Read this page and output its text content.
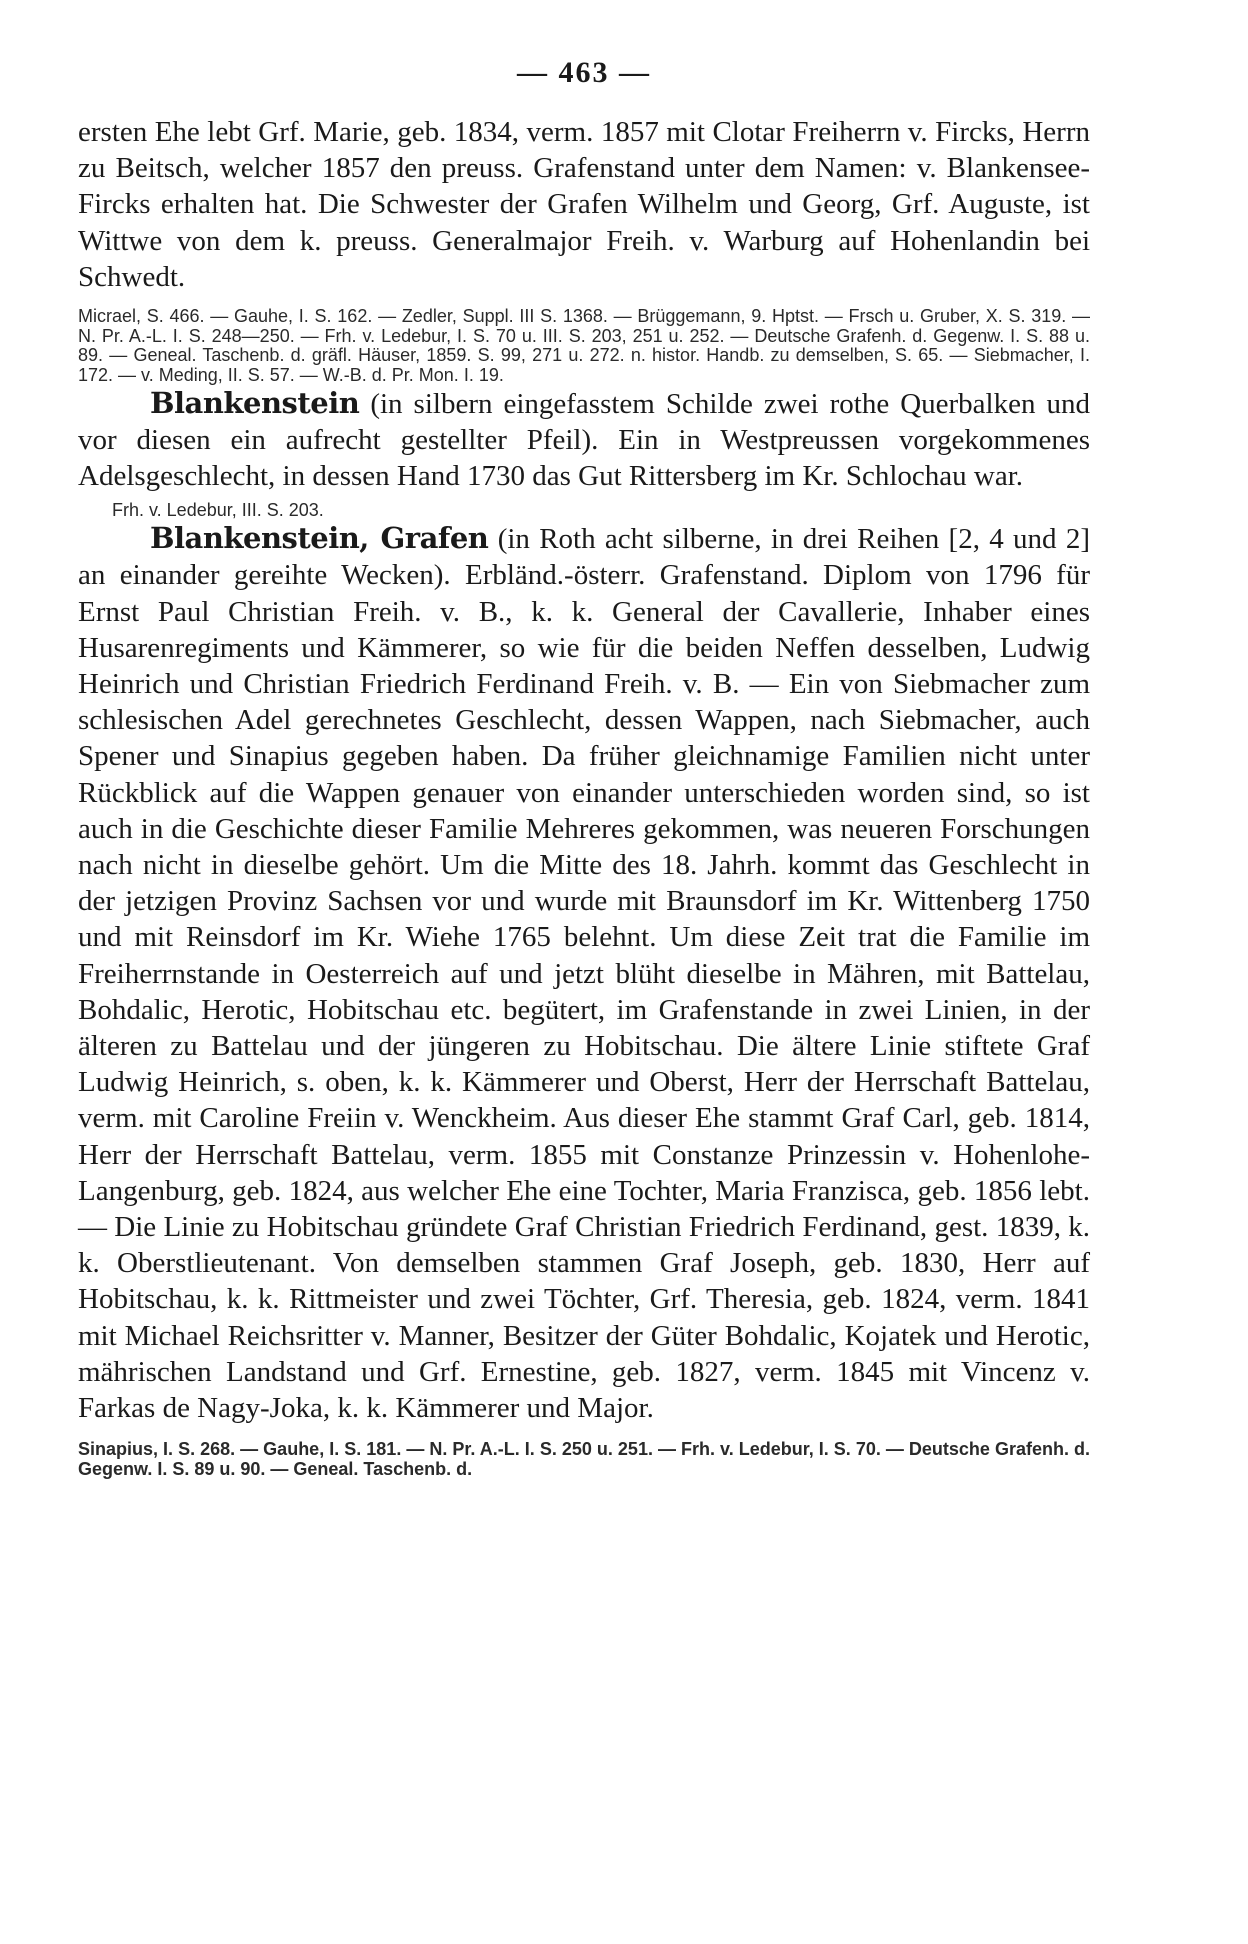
— 463 —

ersten Ehe lebt Grf. Marie, geb. 1834, verm. 1857 mit Clotar Freiherrn v. Fircks, Herrn zu Beitsch, welcher 1857 den preuss. Grafenstand unter dem Namen: v. Blankensee-Fircks erhalten hat. Die Schwester der Grafen Wilhelm und Georg, Grf. Auguste, ist Wittwe von dem k. preuss. Generalmajor Freih. v. Warburg auf Hohenlandin bei Schwedt.

Micrael, S. 466. — Gauhe, I. S. 162. — Zedler, Suppl. III S. 1368. — Brüggemann, 9. Hptst. — Frsch u. Gruber, X. S. 319. — N. Pr. A.-L. I. S. 248—250. — Frh. v. Ledebur, I. S. 70 u. III. S. 203, 251 u. 252. — Deutsche Grafenh. d. Gegenw. I. S. 88 u. 89. — Geneal. Taschenb. d. gräfl. Häuser, 1859. S. 99, 271 u. 272. n. histor. Handb. zu demselben, S. 65. — Siebmacher, I. 172. — v. Meding, II. S. 57. — W.-B. d. Pr. Mon. I. 19.

Blankenstein (in silbern eingefasstem Schilde zwei rothe Querbalken und vor diesen ein aufrecht gestellter Pfeil). Ein in Westpreussen vorgekommenes Adelsgeschlecht, in dessen Hand 1730 das Gut Rittersberg im Kr. Schlochau war.

Frh. v. Ledebur, III. S. 203.

Blankenstein, Grafen (in Roth acht silberne, in drei Reihen [2, 4 und 2] an einander gereihte Wecken). Erbländ.-österr. Grafenstand. Diplom von 1796 für Ernst Paul Christian Freih. v. B., k. k. General der Cavallerie, Inhaber eines Husarenregiments und Kämmerer, so wie für die beiden Neffen desselben, Ludwig Heinrich und Christian Friedrich Ferdinand Freih. v. B. — Ein von Siebmacher zum schlesischen Adel gerechnetes Geschlecht, dessen Wappen, nach Siebmacher, auch Spener und Sinapius gegeben haben. Da früher gleichnamige Familien nicht unter Rückblick auf die Wappen genauer von einander unterschieden worden sind, so ist auch in die Geschichte dieser Familie Mehreres gekommen, was neueren Forschungen nach nicht in dieselbe gehört. Um die Mitte des 18. Jahrh. kommt das Geschlecht in der jetzigen Provinz Sachsen vor und wurde mit Braunsdorf im Kr. Wittenberg 1750 und mit Reinsdorf im Kr. Wiehe 1765 belehnt. Um diese Zeit trat die Familie im Freiherrnstande in Oesterreich auf und jetzt blüht dieselbe in Mähren, mit Battelau, Bohdalic, Herotic, Hobitschau etc. begütert, im Grafenstande in zwei Linien, in der älteren zu Battelau und der jüngeren zu Hobitschau. Die ältere Linie stiftete Graf Ludwig Heinrich, s. oben, k. k. Kämmerer und Oberst, Herr der Herrschaft Battelau, verm. mit Caroline Freiin v. Wenckheim. Aus dieser Ehe stammt Graf Carl, geb. 1814, Herr der Herrschaft Battelau, verm. 1855 mit Constanze Prinzessin v. Hohenlohe-Langenburg, geb. 1824, aus welcher Ehe eine Tochter, Maria Franzisca, geb. 1856 lebt. — Die Linie zu Hobitschau gründete Graf Christian Friedrich Ferdinand, gest. 1839, k. k. Oberstlieutenant. Von demselben stammen Graf Joseph, geb. 1830, Herr auf Hobitschau, k. k. Rittmeister und zwei Töchter, Grf. Theresia, geb. 1824, verm. 1841 mit Michael Reichsritter v. Manner, Besitzer der Güter Bohdalic, Kojatek und Herotic, mährischen Landstand und Grf. Ernestine, geb. 1827, verm. 1845 mit Vincenz v. Farkas de Nagy-Joka, k. k. Kämmerer und Major.

Sinapius, I. S. 268. — Gauhe, I. S. 181. — N. Pr. A.-L. I. S. 250 u. 251. — Frh. v. Ledebur, I. S. 70. — Deutsche Grafenh. d. Gegenw. I. S. 89 u. 90. — Geneal. Taschenb. d.
